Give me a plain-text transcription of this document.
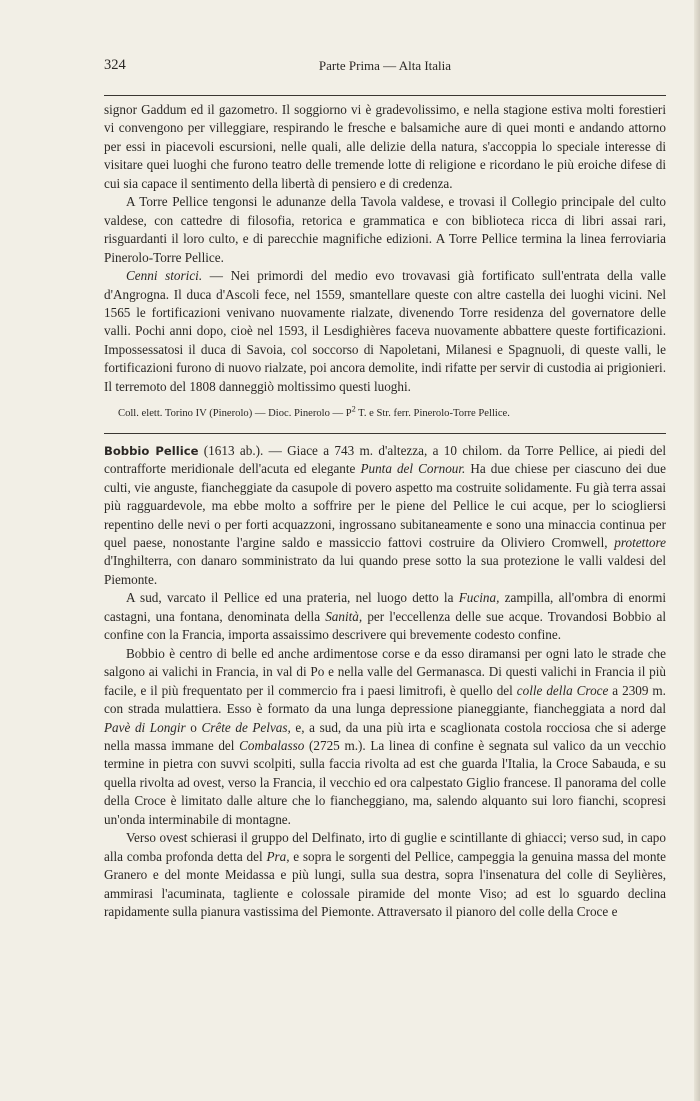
324	Parte Prima — Alta Italia

signor Gaddum ed il gazometro. Il soggiorno vi è gradevolissimo, e nella stagione estiva molti forestieri vi convengono per villeggiare, respirando le fresche e balsamiche aure di quei monti e andando attorno per essi in piacevoli escursioni, nelle quali, alle delizie della natura, s'accoppia lo speciale interesse di visitare quei luoghi che furono teatro delle tremende lotte di religione e ricordano le più eroiche difese di cui sia capace il sentimento della libertà di pensiero e di credenza.

A Torre Pellice tengonsi le adunanze della Tavola valdese, e trovasi il Collegio principale del culto valdese, con cattedre di filosofia, retorica e grammatica e con biblioteca ricca di libri assai rari, risguardanti il loro culto, e di parecchie magnifiche edizioni. A Torre Pellice termina la linea ferroviaria Pinerolo-Torre Pellice.

Cenni storici. — Nei primordi del medio evo trovavasi già fortificato sull'entrata della valle d'Angrogna. Il duca d'Ascoli fece, nel 1559, smantellare queste con altre castella dei luoghi vicini. Nel 1565 le fortificazioni venivano nuovamente rialzate, divenendo Torre residenza del governatore delle valli. Pochi anni dopo, cioè nel 1593, il Lesdighières faceva nuovamente abbattere queste fortificazioni. Impossessatosi il duca di Savoia, col soccorso di Napoletani, Milanesi e Spagnuoli, di queste valli, le fortificazioni furono di nuovo rialzate, poi ancora demolite, indi rifatte per servir di custodia ai prigionieri. Il terremoto del 1808 danneggiò moltissimo questi luoghi.

Coll. elett. Torino IV (Pinerolo) — Dioc. Pinerolo — $P^2$ T. e Str. ferr. Pinerolo-Torre Pellice.

Bobbio Pellice (1613 ab.). — Giace a 743 m. d'altezza, a 10 chilom. da Torre Pellice, ai piedi del contrafforte meridionale dell'acuta ed elegante Punta del Cornour. Ha due chiese per ciascuno dei due culti, vie anguste, fiancheggiate da casupole di povero aspetto ma costruite solidamente. Fu già terra assai più ragguardevole, ma ebbe molto a soffrire per le piene del Pellice le cui acque, per lo sciogliersi repentino delle nevi o per forti acquazzoni, ingrossano subitaneamente e sono una minaccia continua per quel paese, nonostante l'argine saldo e massiccio fattovi costruire da Oliviero Cromwell, protettore d'Inghilterra, con danaro somministrato da lui quando prese sotto la sua protezione le valli valdesi del Piemonte.

A sud, varcato il Pellice ed una prateria, nel luogo detto la Fucina, zampilla, all'ombra di enormi castagni, una fontana, denominata della Sanità, per l'eccellenza delle sue acque. Trovandosi Bobbio al confine con la Francia, importa assaissimo descrivere qui brevemente codesto confine.

Bobbio è centro di belle ed anche ardimentose corse e da esso diramansi per ogni lato le strade che salgono ai valichi in Francia, in val di Po e nella valle del Germanasca. Di questi valichi in Francia il più facile, e il più frequentato per il commercio fra i paesi limitrofi, è quello del colle della Croce a 2309 m. con strada mulattiera. Esso è formato da una lunga depressione pianeggiante, fiancheggiata a nord dal Pavè di Longir o Crête de Pelvas, e, a sud, da una più irta e scaglionata costola rocciosa che si aderge nella massa immane del Combalasso (2725 m.). La linea di confine è segnata sul valico da un vecchio termine in pietra con suvvi scolpiti, sulla faccia rivolta ad est che guarda l'Italia, la Croce Sabauda, e su quella rivolta ad ovest, verso la Francia, il vecchio ed ora calpestato Giglio francese. Il panorama del colle della Croce è limitato dalle alture che lo fiancheggiano, ma, salendo alquanto sui loro fianchi, scopresi un'onda interminabile di montagne.

Verso ovest schierasi il gruppo del Delfinato, irto di guglie e scintillante di ghiacci; verso sud, in capo alla comba profonda detta del Pra, e sopra le sorgenti del Pellice, campeggia la genuina massa del monte Granero e del monte Meidassa e più lungi, sulla sua destra, sopra l'insenatura del colle di Seylières, ammirasi l'acuminata, tagliente e colossale piramide del monte Viso; ad est lo sguardo declina rapidamente sulla pianura vastissima del Piemonte. Attraversato il pianoro del colle della Croce e
